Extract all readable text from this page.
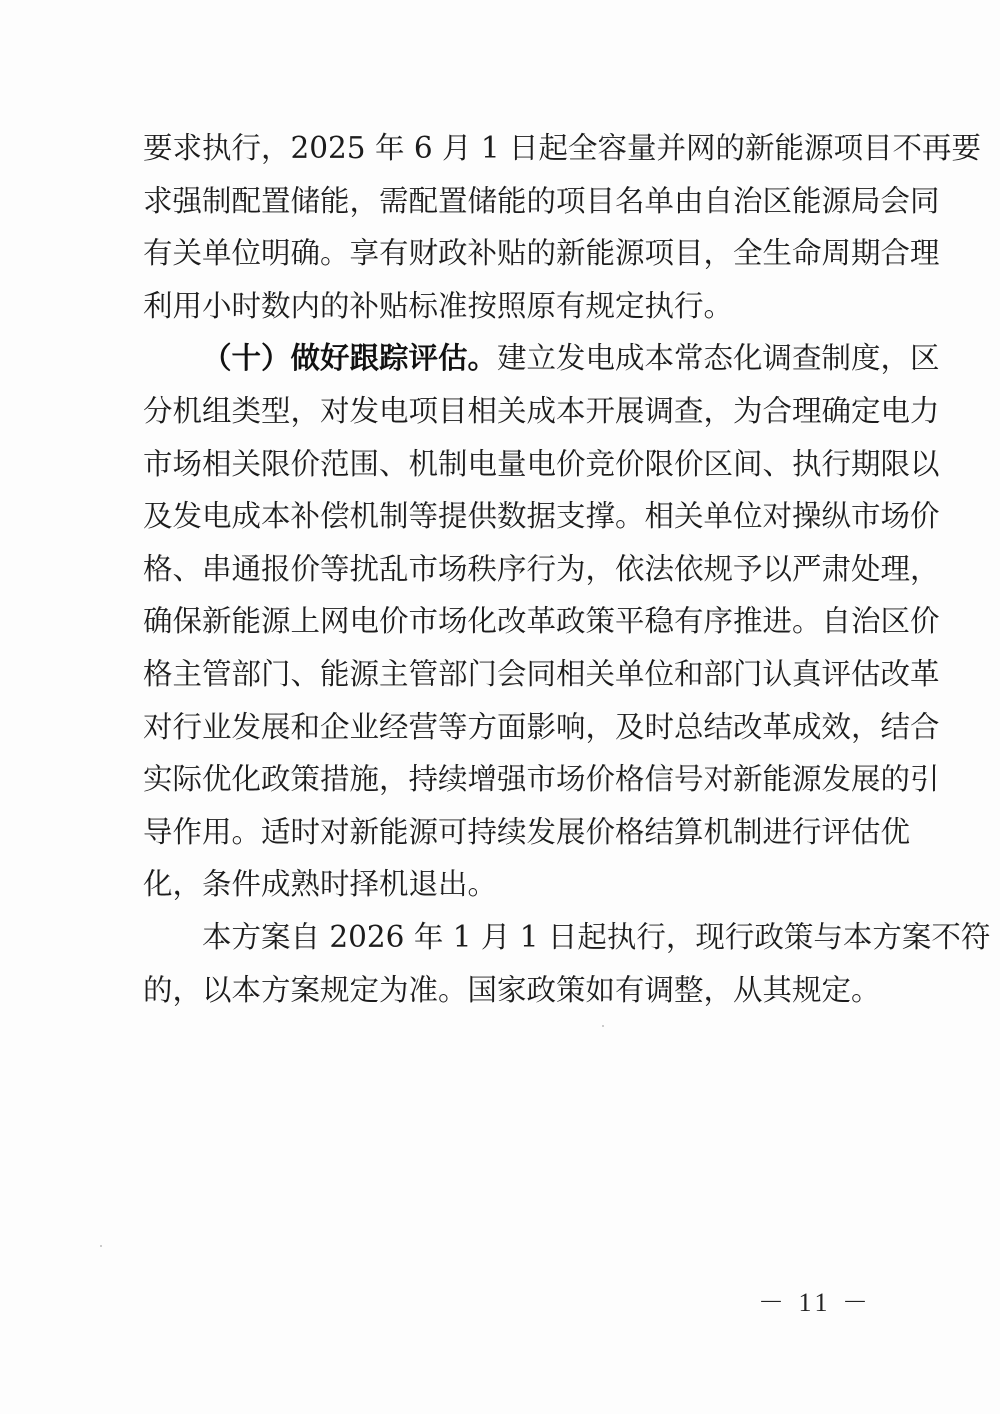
要求执行，2025 年 6 月 1 日起全容量并网的新能源项目不再要
求强制配置储能，需配置储能的项目名单由自治区能源局会同
有关单位明确。享有财政补贴的新能源项目，全生命周期合理
利用小时数内的补贴标准按照原有规定执行。
（十）做好跟踪评估。建立发电成本常态化调查制度，区
分机组类型，对发电项目相关成本开展调查，为合理确定电力
市场相关限价范围、机制电量电价竞价限价区间、执行期限以
及发电成本补偿机制等提供数据支撑。相关单位对操纵市场价
格、串通报价等扰乱市场秩序行为，依法依规予以严肃处理，
确保新能源上网电价市场化改革政策平稳有序推进。自治区价
格主管部门、能源主管部门会同相关单位和部门认真评估改革
对行业发展和企业经营等方面影响，及时总结改革成效，结合
实际优化政策措施，持续增强市场价格信号对新能源发展的引
导作用。适时对新能源可持续发展价格结算机制进行评估优
化，条件成熟时择机退出。
本方案自 2026 年 1 月 1 日起执行，现行政策与本方案不符
的，以本方案规定为准。国家政策如有调整，从其规定。
－ 11 －
